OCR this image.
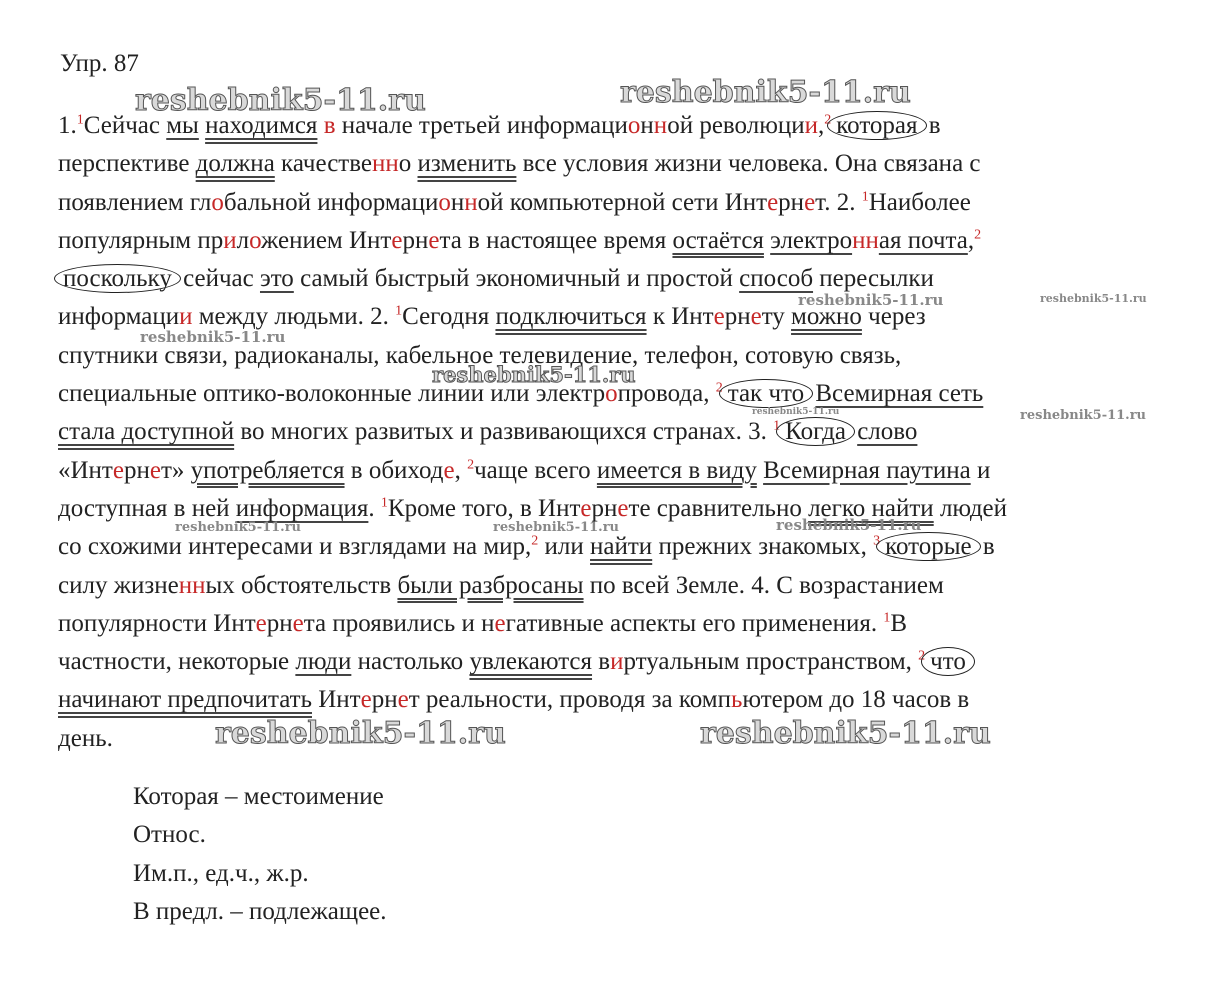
Упр. 87
1.$^1$Сейчас мы находимся в начале третьей информационной революции,$^2$ которая в
перспективе должна качественно изменить все условия жизни человека. Она связана с
появлением глобальной информационной компьютерной сети Интернет. 2. $^1$Наиболее
популярным приложением Интернета в настоящее время остаётся электронная почта,$^2$
поскольку сейчас это самый быстрый экономичный и простой способ пересылки
информации между людьми. 2. $^1$Сегодня подключиться к Интернету можно через
спутники связи, радиоканалы, кабельное телевидение, телефон, сотовую связь,
специальные оптико-волоконные линии или электропровода, $^2$ так что Всемирная сеть
стала доступной во многих развитых и развивающихся странах. 3. $^1$ Когда слово
«Интернет» употребляется в обиходе, $^2$чаще всего имеется в виду Всемирная паутина и
доступная в ней информация. $^1$Кроме того, в Интернете сравнительно легко найти людей
со схожими интересами и взглядами на мир,$^2$ или найти прежних знакомых, $^3$ которые в
силу жизненных обстоятельств были разбросаны по всей Земле. 4. С возрастанием
популярности Интернета проявились и негативные аспекты его применения. $^1$В
частности, некоторые люди настолько увлекаются виртуальным пространством, $^2$ что
начинают предпочитать Интернет реальности, проводя за компьютером до 18 часов в
день.
Которая – местоимение
Относ.
Им.п., ед.ч., ж.р.
В предл. – подлежащее.
reshebnik5-11.ru	reshebnik5-11.ru
reshebnik5-11.ru	reshebnik5-11.ru
reshebnik5-11.ru
reshebnik5-11.ru
reshebnik5-11.ru	reshebnik5-11.ru
reshebnik5-11.ru	reshebnik5-11.ru	reshebnik5-11.ru
reshebnik5-11.ru	reshebnik5-11.ru
